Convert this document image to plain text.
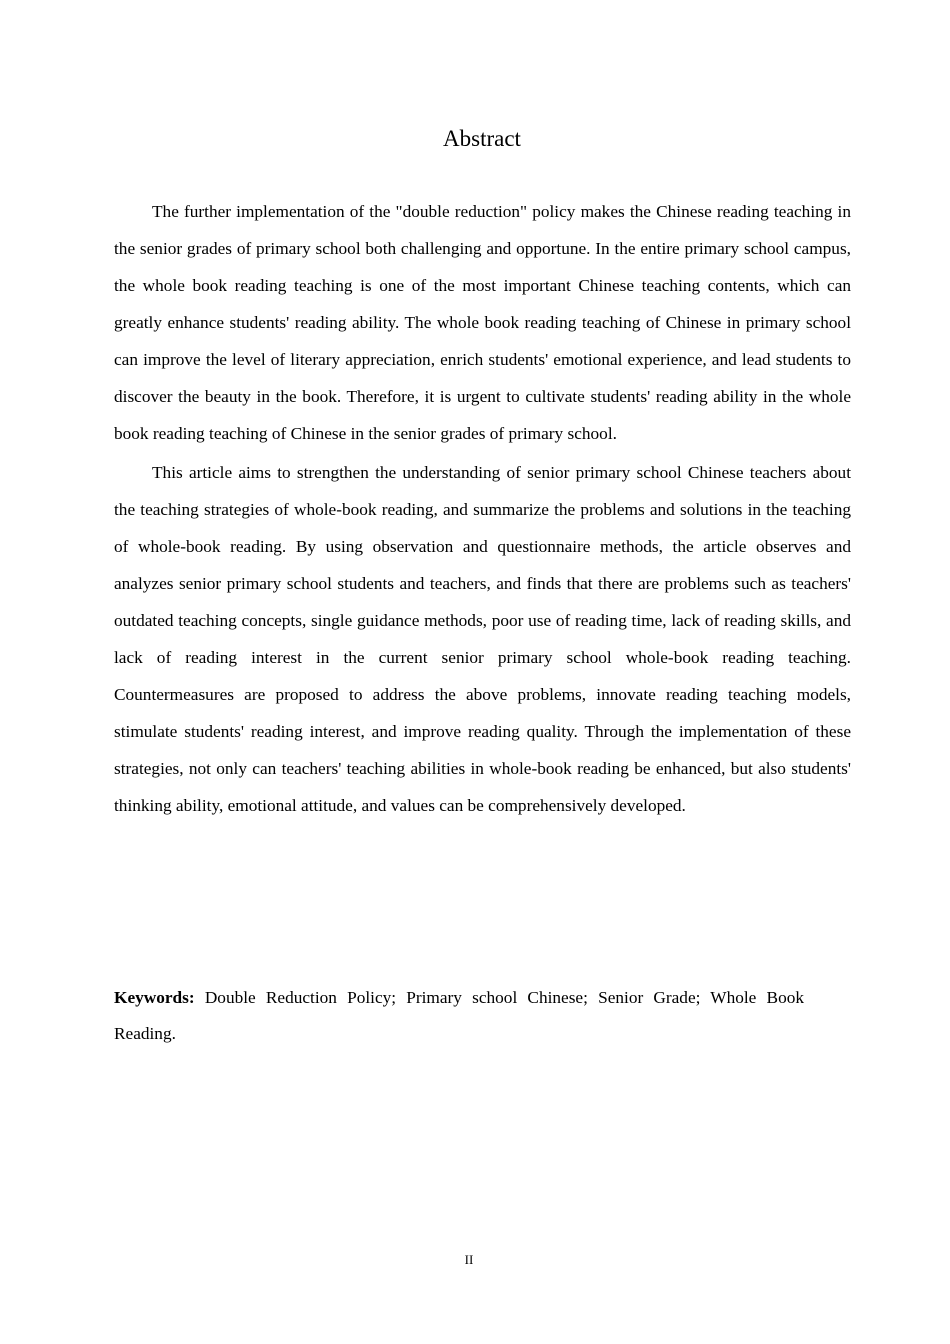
Abstract

The further implementation of the "double reduction" policy makes the Chinese reading teaching in the senior grades of primary school both challenging and opportune. In the entire primary school campus, the whole book reading teaching is one of the most important Chinese teaching contents, which can greatly enhance students' reading ability. The whole book reading teaching of Chinese in primary school can improve the level of literary appreciation, enrich students' emotional experience, and lead students to discover the beauty in the book. Therefore, it is urgent to cultivate students' reading ability in the whole book reading teaching of Chinese in the senior grades of primary school.

This article aims to strengthen the understanding of senior primary school Chinese teachers about the teaching strategies of whole-book reading, and summarize the problems and solutions in the teaching of whole-book reading. By using observation and questionnaire methods, the article observes and analyzes senior primary school students and teachers, and finds that there are problems such as teachers' outdated teaching concepts, single guidance methods, poor use of reading time, lack of reading skills, and lack of reading interest in the current senior primary school whole-book reading teaching. Countermeasures are proposed to address the above problems, innovate reading teaching models, stimulate students' reading interest, and improve reading quality. Through the implementation of these strategies, not only can teachers' teaching abilities in whole-book reading be enhanced, but also students' thinking ability, emotional attitude, and values can be comprehensively developed.

Keywords: Double Reduction Policy; Primary school Chinese; Senior Grade; Whole Book Reading.

II
